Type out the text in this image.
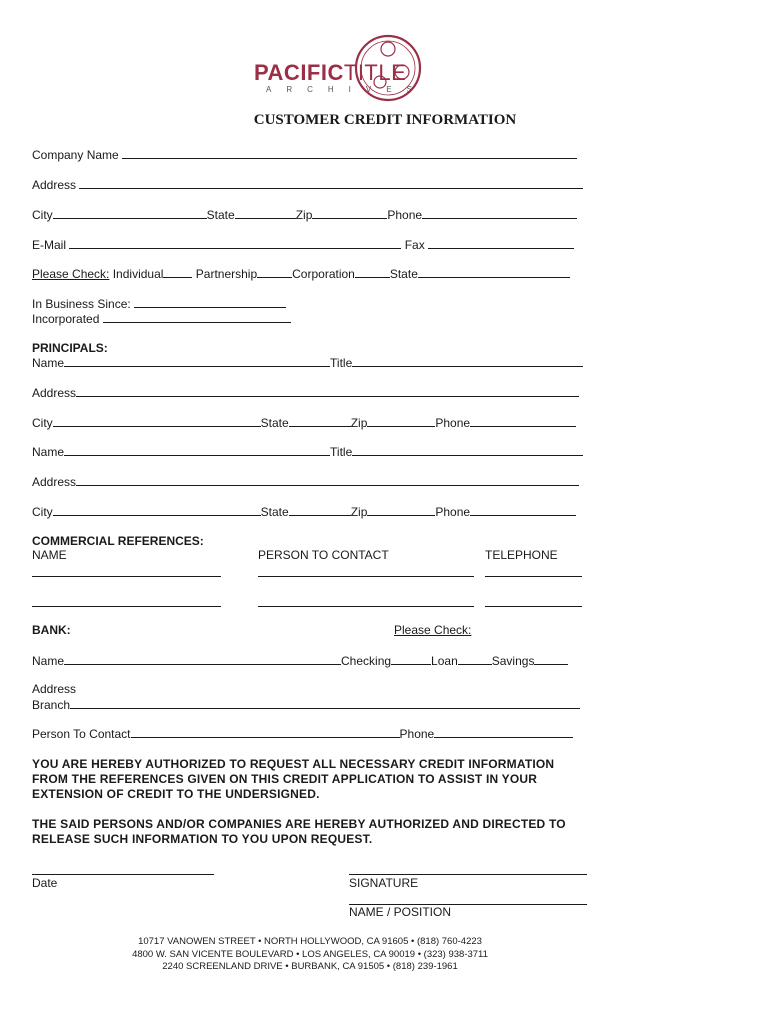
PACIFICTITLE
ARCHIVES
CUSTOMER CREDIT INFORMATION
Company Name
Address
City	State	Zip	Phone
E-Mail	Fax
Please Check: Individual	Partnership	Corporation	State
In Business Since:
Incorporated
PRINCIPALS:
Name	Title
Address
City	State	Zip	Phone
Name	Title
Address
City	State	Zip	Phone
COMMERCIAL REFERENCES:
NAME	PERSON TO CONTACT	TELEPHONE
BANK:	Please Check:
Name	Checking	Loan	Savings
Address
Branch
Person To Contact	Phone
YOU ARE HEREBY AUTHORIZED TO REQUEST ALL NECESSARY CREDIT INFORMATION FROM THE REFERENCES GIVEN ON THIS CREDIT APPLICATION TO ASSIST IN YOUR EXTENSION OF CREDIT TO THE UNDERSIGNED.
THE SAID PERSONS AND/OR COMPANIES ARE HEREBY AUTHORIZED AND DIRECTED TO RELEASE SUCH INFORMATION TO YOU UPON REQUEST.
Date	SIGNATURE
NAME / POSITION
10717 VANOWEN STREET • NORTH HOLLYWOOD, CA 91605 • (818) 760-4223
4800 W. SAN VICENTE BOULEVARD • LOS ANGELES, CA 90019 • (323) 938-3711
2240 SCREENLAND DRIVE • BURBANK, CA 91505 • (818) 239-1961
